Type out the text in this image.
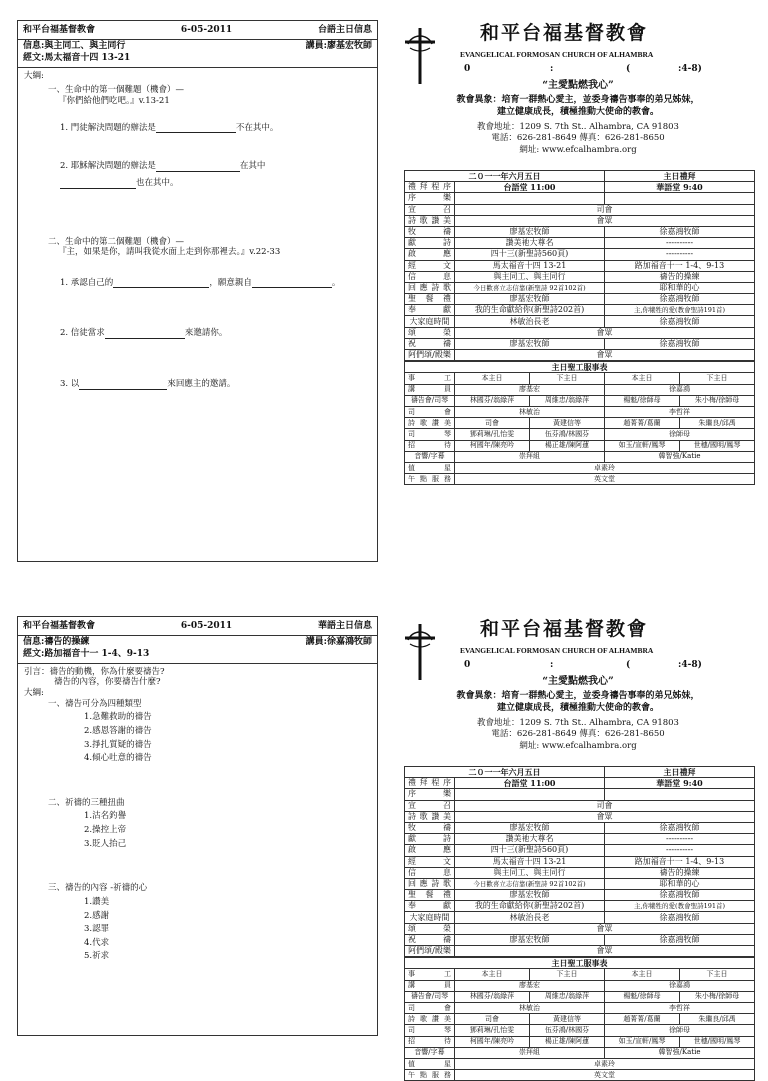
和平台福基督教會	6-05-2011	台語主日信息
信息:與主同工、與主同行	講員:廖基宏牧師
經文:馬太福音十四 13-21

大綱:

一、生命中的第一個難題（機會）—

『你們給他們吃吧。』v.13-21

1. 門徒解決問題的辦法是	不在其中。

2. 耶穌解決問題的辦法是	在其中

也在其中。

二、生命中的第二個難題（機會）—

『主，如果是你，請叫我從水面上走到你那裡去。』v.22-33

1. 承認自己的	，願意親自	。

2. 信徒當求	來邀請你。

3. 以	來回應主的邀請。

和平台福基督教會
EVANGELICAL FORMOSAN CHURCH OF ALHAMBRA
0	:	(	:4-8)
“主愛點燃我心”
教會異象：培育一群熱心愛主，並委身禱告事奉的弟兄姊妹，
建立健康成長，積極推動大使命的教會。
教會地址：1209 S. 7th St.. Alhambra, CA 91803
電話：626-281-8649 傳真：626-281-8650
網址: www.efcalhambra.org
二０一一年六月五日		主日禮拜
禮拜程序	台語堂 11:00	華語堂 9:40
序樂		
宣召	司會	
詩歌讚美	會眾	
牧禱	廖基宏牧師	徐嘉鴻牧師
獻詩	讚美祂大尊名	----------
啟應	四十三(新聖詩560頁)	----------
經文	馬太福音十四 13-21	路加福音十一 1-4、9-13
信息	與主同工、與主同行	禱告的操練
回應詩歌	今日歡喜立志信靠(新聖詩 92首102首)	耶和華的心
聖餐禮	廖基宏牧師	徐嘉鴻牧師
奉獻	我的生命獻給你(新聖詩202首)	主,你犧牲的愛(教會聖詩191首)
大家庭時間	林敏治長老	徐嘉鴻牧師
頌榮	會眾	
祝禱	廖基宏牧師	徐嘉鴻牧師
阿們頌/殿樂	會眾	
主日聖工服事表				
事工	本主日	下主日	本主日	下主日
講員	廖基宏		徐嘉鴻	
禱告會/司琴	林國芬/翁綠萍	周維忠/翁綠萍	楊魁/徐師母	朱小梅/徐師母
司會	林敏治		李哲祥	
詩歌讚美	司會	黃建信等	趙菁菁/葛蘭	朱繼良/邱禹
司琴	鄧莉琳/孔怡雯	伍芬鴻/林國芬	徐師母	
招待	柯國年/陳亮吟	楊正雄/陳阿蓮	如玉/宣軒/鳳琴	世穗/國明/鳳琴
音響/字幕	崇拜組		韓智強/Katie	
值星	卓素玲			
午點服務	英文堂			
和平台福基督教會	6-05-2011	華語主日信息
信息:禱告的操練	講員:徐嘉鴻牧師
經文:路加福音十一 1-4、9-13

引言：禱告的動機，你為什麼要禱告?

禱告的內容，你要禱告什麼?

大綱:

一、禱告可分為四種類型

1.急難救助的禱告

2.感恩答謝的禱告

3.掙扎質疑的禱告

4.傾心吐意的禱告

二、祈禱的三種扭曲

1.沽名釣譽

2.操控上帝

3.貶人抬己

三、禱告的內容 -祈禱的心

1.讚美

2.感謝

3.認罪

4.代求

5.祈求

和平台福基督教會
EVANGELICAL FORMOSAN CHURCH OF ALHAMBRA
0	:	(	:4-8)
“主愛點燃我心”
教會異象：培育一群熱心愛主，並委身禱告事奉的弟兄姊妹，
建立健康成長，積極推動大使命的教會。
教會地址：1209 S. 7th St.. Alhambra, CA 91803
電話：626-281-8649 傳真：626-281-8650
網址: www.efcalhambra.org
二０一一年六月五日		主日禮拜
禮拜程序	台語堂 11:00	華語堂 9:40
序樂		
宣召	司會	
詩歌讚美	會眾	
牧禱	廖基宏牧師	徐嘉鴻牧師
獻詩	讚美祂大尊名	----------
啟應	四十三(新聖詩560頁)	----------
經文	馬太福音十四 13-21	路加福音十一 1-4、9-13
信息	與主同工、與主同行	禱告的操練
回應詩歌	今日歡喜立志信靠(新聖詩 92首102首)	耶和華的心
聖餐禮	廖基宏牧師	徐嘉鴻牧師
奉獻	我的生命獻給你(新聖詩202首)	主,你犧牲的愛(教會聖詩191首)
大家庭時間	林敏治長老	徐嘉鴻牧師
頌榮	會眾	
祝禱	廖基宏牧師	徐嘉鴻牧師
阿們頌/殿樂	會眾	
主日聖工服事表				
事工	本主日	下主日	本主日	下主日
講員	廖基宏		徐嘉鴻	
禱告會/司琴	林國芬/翁綠萍	周維忠/翁綠萍	楊魁/徐師母	朱小梅/徐師母
司會	林敏治		李哲祥	
詩歌讚美	司會	黃建信等	趙菁菁/葛蘭	朱繼良/邱禹
司琴	鄧莉琳/孔怡雯	伍芬鴻/林國芬	徐師母	
招待	柯國年/陳亮吟	楊正雄/陳阿蓮	如玉/宣軒/鳳琴	世穗/國明/鳳琴
音響/字幕	崇拜組		韓智強/Katie	
值星	卓素玲			
午點服務	英文堂			
